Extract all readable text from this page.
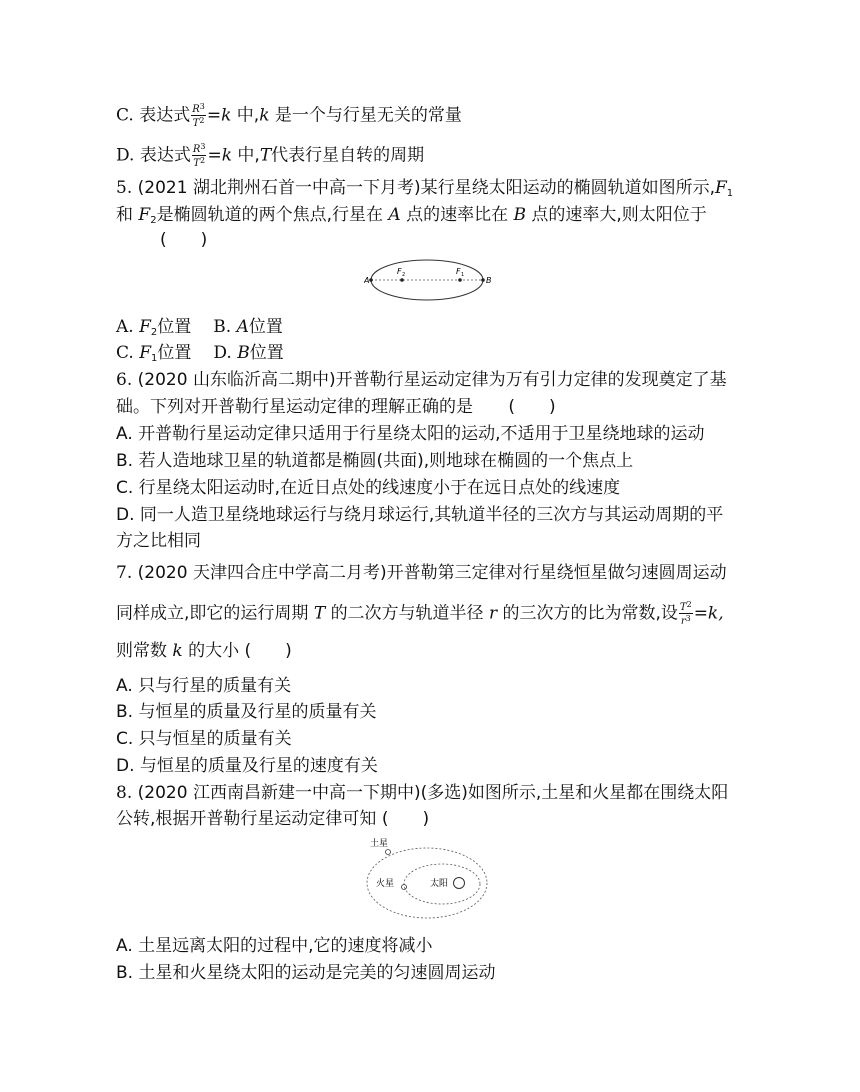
C. 表达式 $\frac{R^3}{T^2} =k$ 中,k 是一个与行星无关的常量
D. 表达式 $\frac{R^3}{T^2} =k$ 中,T代表行星自转的周期
5. (2021 湖北荆州石首一中高一下月考)某行星绕太阳运动的椭圆轨道如图所示$,F_1$
和 $F_2$是椭圆轨道的两个焦点,行星在 A 点的速率比在 B 点的速率大,则太阳位于
(　　)
A	B
F 2	F 1
A. $F_2$位置 B. A位置
C. $F_1$位置 D. B位置
6. (2020 山东临沂高二期中)开普勒行星运动定律为万有引力定律的发现奠定了基
础。下列对开普勒行星运动定律的理解正确的是 (　　)
A. 开普勒行星运动定律只适用于行星绕太阳的运动,不适用于卫星绕地球的运动
B. 若人造地球卫星的轨道都是椭圆(共面),则地球在椭圆的一个焦点上
C. 行星绕太阳运动时,在近日点处的线速度小于在远日点处的线速度
D. 同一人造卫星绕地球运行与绕月球运行,其轨道半径的三次方与其运动周期的平
方之比相同
7. (2020 天津四合庄中学高二月考)开普勒第三定律对行星绕恒星做匀速圆周运动
同样成立,即它的运行周期 T 的二次方与轨道半径 r 的三次方的比为常数,设 $\frac{T^2}{r^3} =k$,
则常数 k 的大小 (　　)
A. 只与行星的质量有关
B. 与恒星的质量及行星的质量有关
C. 只与恒星的质量有关
D. 与恒星的质量及行星的速度有关
8. (2020 江西南昌新建一中高一下期中)(多选)如图所示,土星和火星都在围绕太阳
公转,根据开普勒行星运动定律可知 (　　)
土星
火星	太阳
A. 土星远离太阳的过程中,它的速度将减小
B. 土星和火星绕太阳的运动是完美的匀速圆周运动
